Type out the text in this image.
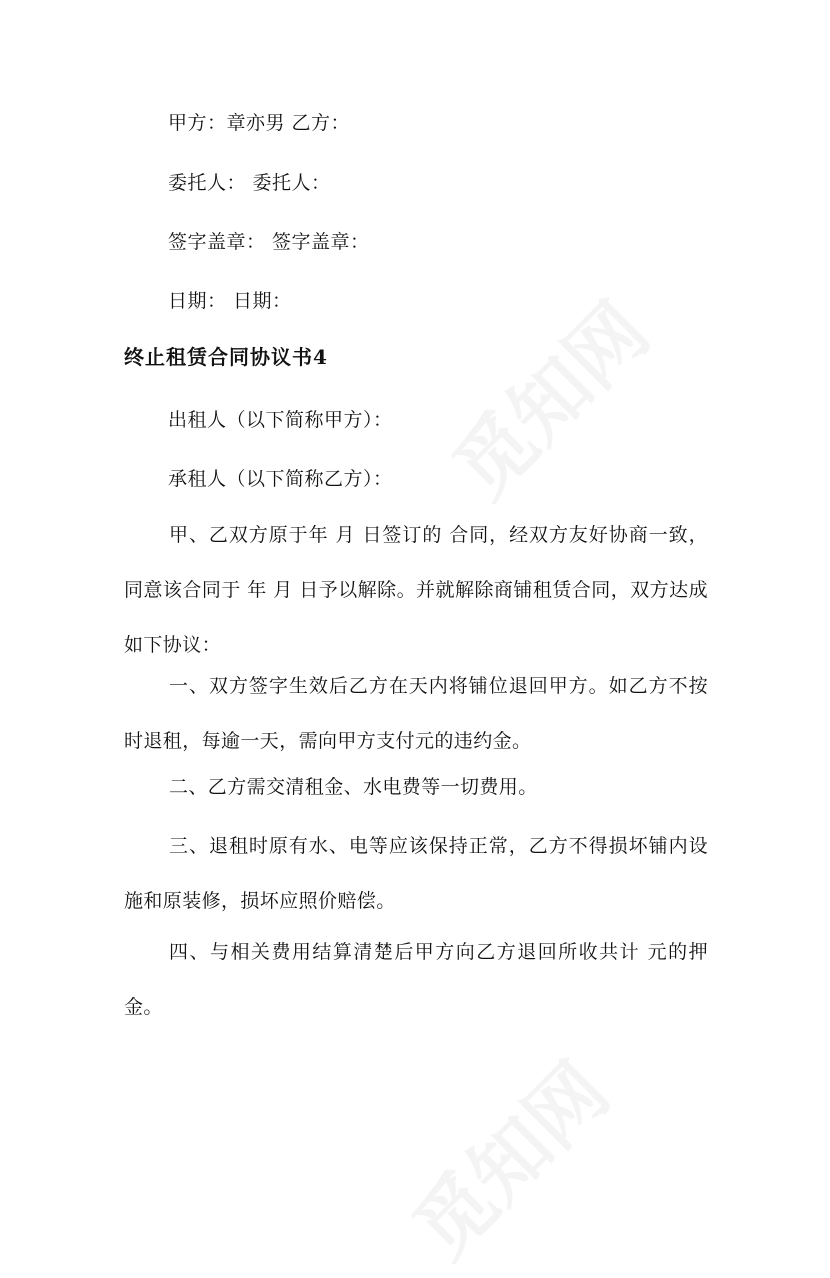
甲方：章亦男 乙方：
委托人： 委托人：
签字盖章： 签字盖章：
日期： 日期：
终止租赁合同协议书4
出租人（以下简称甲方）：
承租人（以下简称乙方）：
甲、乙双方原于年 月 日签订的 合同，经双方友好协商一致，同意该合同于 年 月 日予以解除。并就解除商铺租赁合同，双方达成如下协议：
一、双方签字生效后乙方在天内将铺位退回甲方。如乙方不按时退租，每逾一天，需向甲方支付元的违约金。
二、乙方需交清租金、水电费等一切费用。
三、退租时原有水、电等应该保持正常，乙方不得损坏铺内设施和原装修，损坏应照价赔偿。
四、与相关费用结算清楚后甲方向乙方退回所收共计 元的押金。
